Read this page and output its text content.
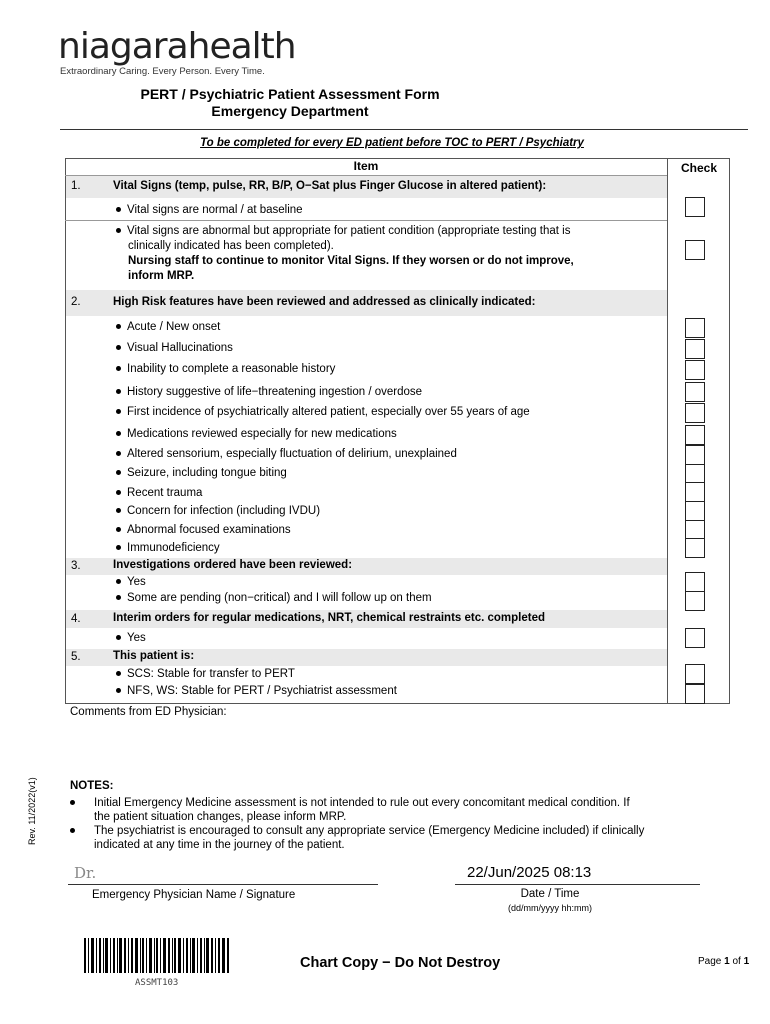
niagarahealth
Extraordinary Caring. Every Person. Every Time.
PERT / Psychiatric Patient Assessment Form
Emergency Department
To be completed for every ED patient before TOC to PERT / Psychiatry
Item	Check
1.	Vital Signs (temp, pulse, RR, B/P, O−Sat plus Finger Glucose in altered patient):
Vital signs are normal / at baseline
Vital signs are abnormal but appropriate for patient condition (appropriate testing that is
clinically indicated has been completed).
Nursing staff to continue to monitor Vital Signs. If they worsen or do not improve,
inform MRP.
2.	High Risk features have been reviewed and addressed as clinically indicated:
Acute / New onset
Visual Hallucinations
Inability to complete a reasonable history
History suggestive of life−threatening ingestion / overdose
First incidence of psychiatrically altered patient, especially over 55 years of age
Medications reviewed especially for new medications
Altered sensorium, especially fluctuation of delirium, unexplained
Seizure, including tongue biting
Recent trauma
Concern for infection (including IVDU)
Abnormal focused examinations
Immunodeficiency
3.	Investigations ordered have been reviewed:
Yes
Some are pending (non−critical) and I will follow up on them
4.	Interim orders for regular medications, NRT, chemical restraints etc. completed
Yes
5.	This patient is:
SCS: Stable for transfer to PERT
NFS, WS: Stable for PERT / Psychiatrist assessment
Comments from ED Physician:
Rev. 11/2022(v1)	NOTES:
Initial Emergency Medicine assessment is not intended to rule out every concomitant medical condition. If
the patient situation changes, please inform MRP.
The psychiatrist is encouraged to consult any appropriate service (Emergency Medicine included) if clinically
indicated at any time in the journey of the patient.
Dr.
Emergency Physician Name / Signature
22/Jun/2025 08:13
Date / Time
(dd/mm/yyyy hh:mm)
ASSMT103
Chart Copy − Do Not Destroy	Page 1 of 1
